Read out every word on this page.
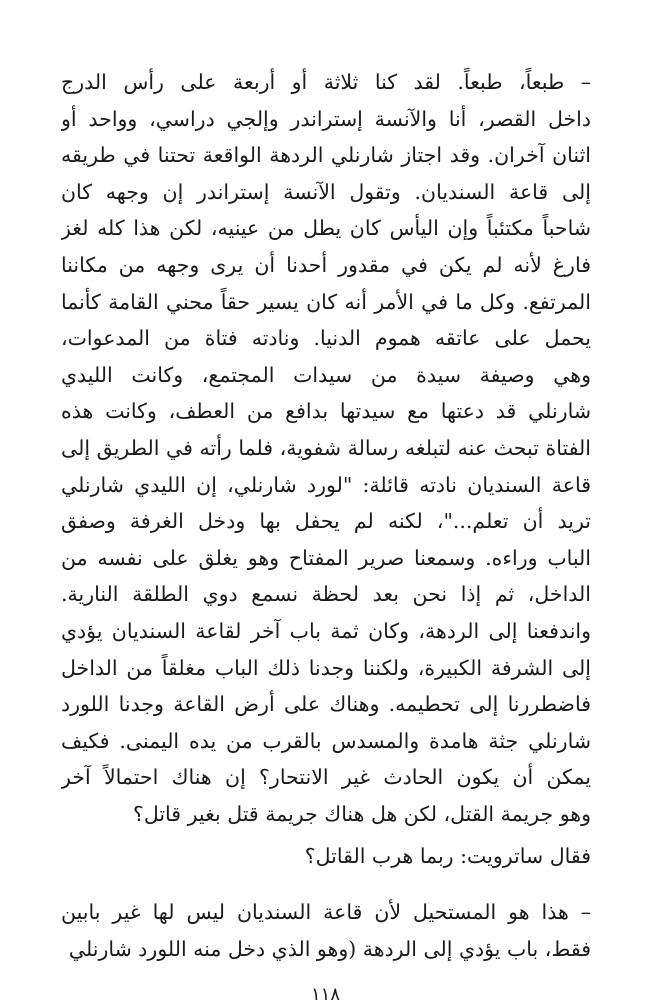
– طبعاً، طبعاً. لقد كنا ثلاثة أو أربعة على رأس الدرج
داخل القصر، أنا والآنسة إستراندر وإلجي دراسي، وواحد أو
اثنان آخران. وقد اجتاز شارنلي الردهة الواقعة تحتنا في طريقه
إلى قاعة السنديان. وتقول الآنسة إستراندر إن وجهه كان
شاحباً مكتئباً وإن اليأس كان يطل من عينيه، لكن هذا كله لغز
فارغ لأنه لم يكن في مقدور أحدنا أن يرى وجهه من مكاننا
المرتفع. وكل ما في الأمر أنه كان يسير حقاً محني القامة كأنما
يحمل على عاتقه هموم الدنيا. ونادته فتاة من المدعوات،
وهي وصيفة سيدة من سيدات المجتمع، وكانت الليدي
شارنلي قد دعتها مع سيدتها بدافع من العطف، وكانت هذه
الفتاة تبحث عنه لتبلغه رسالة شفوية، فلما رأته في الطريق إلى
قاعة السنديان نادته قائلة: "لورد شارنلي، إن الليدي شارنلي
تريد أن تعلم..."، لكنه لم يحفل بها ودخل الغرفة وصفق
الباب وراءه. وسمعنا صرير المفتاح وهو يغلق على نفسه من
الداخل، ثم إذا نحن بعد لحظة نسمع دوي الطلقة النارية.
واندفعنا إلى الردهة، وكان ثمة باب آخر لقاعة السنديان يؤدي
إلى الشرفة الكبيرة، ولكننا وجدنا ذلك الباب مغلقاً من الداخل
فاضطررنا إلى تحطيمه. وهناك على أرض القاعة وجدنا اللورد
شارنلي جثة هامدة والمسدس بالقرب من يده اليمنى. فكيف
يمكن أن يكون الحادث غير الانتحار؟ إن هناك احتمالاً آخر
وهو جريمة القتل، لكن هل هناك جريمة قتل بغير قاتل؟
فقال ساترويت: ربما هرب القاتل؟
– هذا هو المستحيل لأن قاعة السنديان ليس لها غير بابين
فقط، باب يؤدي إلى الردهة (وهو الذي دخل منه اللورد شارنلي
١١٨
